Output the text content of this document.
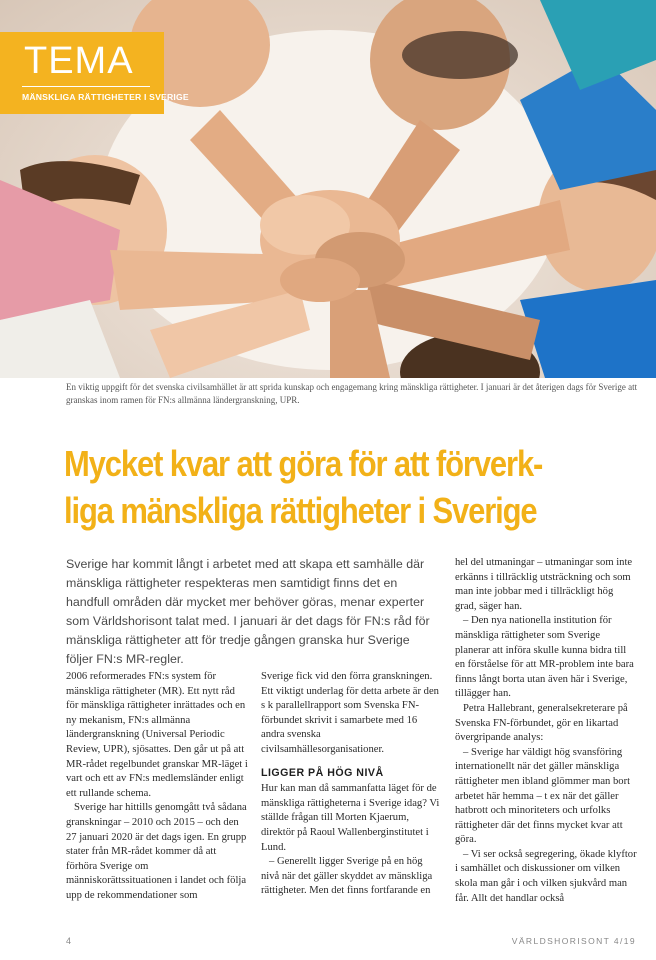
TEMA
MÄNSKLIGA RÄTTIGHETER I SVERIGE
En viktig uppgift för det svenska civilsamhället är att sprida kunskap och engagemang kring mänskliga rättigheter. I januari är det återigen dags för Sverige att granskas inom ramen för FN:s allmänna ländergranskning, UPR.
Mycket kvar att göra för att förverk-
liga mänskliga rättigheter i Sverige
Sverige har kommit långt i arbetet med att skapa ett samhälle där mänskliga rättigheter respekteras men samtidigt finns det en handfull områden där mycket mer behöver göras, menar experter som Världshorisont talat med. I januari är det dags för FN:s råd för mänskliga rättigheter att för tredje gången granska hur Sverige följer FN:s MR-regler.

2006 reformerades FN:s system för mänskliga rättigheter (MR). Ett nytt råd för mänskliga rättigheter inrättades och en ny mekanism, FN:s allmänna ländergranskning (Universal Periodic Review, UPR), sjösattes. Den går ut på att MR-rådet regelbundet granskar MR-läget i vart och ett av FN:s medlemsländer enligt ett rullande schema.

Sverige har hittills genomgått två sådana granskningar – 2010 och 2015 – och den 27 januari 2020 är det dags igen. En grupp stater från MR-rådet kommer då att förhöra Sverige om människorättssituationen i landet och följa upp de rekommendationer som

Sverige fick vid den förra granskningen. Ett viktigt underlag för detta arbete är den s k parallellrapport som Svenska FN-förbundet skrivit i samarbete med 16 andra svenska civilsamhällesorganisationer.

LIGGER PÅ HÖG NIVÅ

Hur kan man då sammanfatta läget för de mänskliga rättigheterna i Sverige idag? Vi ställde frågan till Morten Kjaerum, direktör på Raoul Wallenberginstitutet i Lund.

– Generellt ligger Sverige på en hög nivå när det gäller skyddet av mänskliga rättigheter. Men det finns fortfarande en

hel del utmaningar – utmaningar som inte erkänns i tillräcklig utsträckning och som man inte jobbar med i tillräckligt hög grad, säger han.

– Den nya nationella institution för mänskliga rättigheter som Sverige planerar att införa skulle kunna bidra till en förståelse för att MR-problem inte bara finns långt borta utan även här i Sverige, tillägger han.

Petra Hallebrant, generalsekreterare på Svenska FN-förbundet, gör en likartad övergripande analys:

– Sverige har väldigt hög svansföring internationellt när det gäller mänskliga rättigheter men ibland glömmer man bort arbetet här hemma – t ex när det gäller hatbrott och minoriteters och urfolks rättigheter där det finns mycket kvar att göra.

– Vi ser också segregering, ökade klyftor i samhället och diskussioner om vilken skola man går i och vilken sjukvård man får. Allt det handlar också

4	VÄRLDSHORISONT 4/19
